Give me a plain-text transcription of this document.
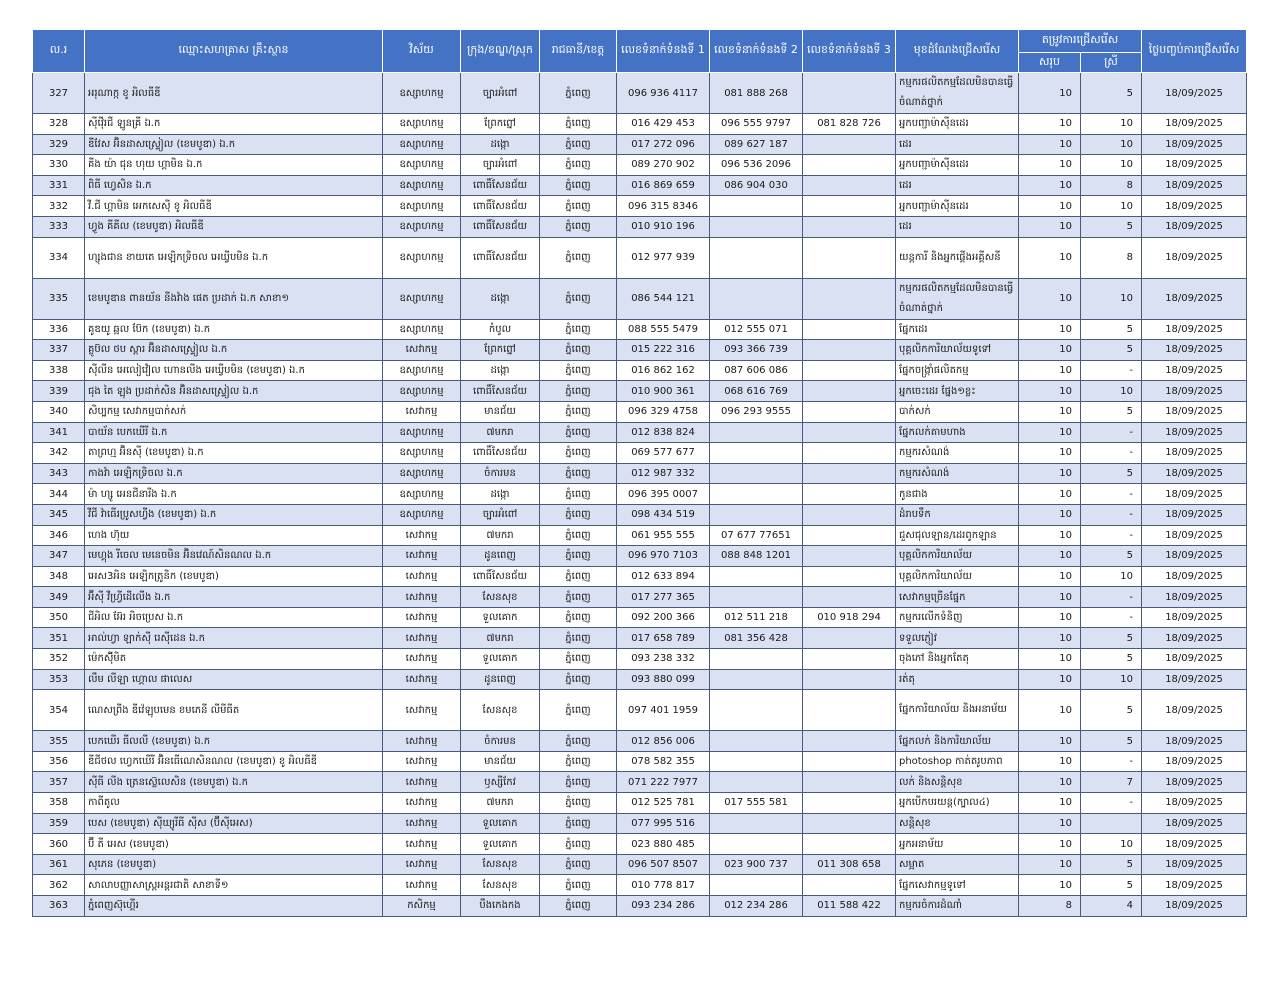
ល.រ	ឈ្មោះសហគ្រាស គ្រឹះស្ថាន	វិស័យ	ក្រុង/ខណ្ឌ/ស្រុក	រាជធានី/ខេត្ត	លេខទំនាក់ទំនងទី 1	លេខទំនាក់ទំនងទី 2	លេខទំនាក់ទំនងទី 3	មុខដំណែងជ្រើសរើស	តម្រូវការជ្រើសរើស		ថ្ងៃបញ្ចប់ការជ្រើសរើស
									សរុប	ស្រី	
327	អរុណាក្ក ខូ អិលធីឌី	ឧស្សាហកម្ម	ច្បារអំពៅ	ភ្នំពេញ	096 936 4117	081 888 268		កម្មករផលិតកម្មដែលមិនបានធ្វើចំណាត់ថ្នាក់	10	5	18/09/2025
328	ស៊ីវ៉ើរជី ឡូនគ្រី ឯ.ក	ឧស្សាហកម្ម	ព្រែកព្នៅ	ភ្នំពេញ	016 429 453	096 555 9797	081 828 726	អ្នកបញ្ជាម៉ាស៊ីនដេរ	10	10	18/09/2025
329	ឌីវែស អ៊ិនដាសស្ទ្រៀល (ខេមបូឌា) ឯ.ក	ឧស្សាហកម្ម	ដង្កោ	ភ្នំពេញ	017 272 096	089 627 187		ដេរ	10	10	18/09/2025
330	គីង យ៉ា ជុន ហុយ ហ្គាមិន ឯ.ក	ឧស្សាហកម្ម	ច្បារអំពៅ	ភ្នំពេញ	089 270 902	096 536 2096		អ្នកបញ្ជាម៉ាស៊ីនដេរ	10	10	18/09/2025
331	ពិធី ហ្វេសិន ឯ.ក	ឧស្សាហកម្ម	ពោធិ៍សែនជ័យ	ភ្នំពេញ	016 869 659	086 904 030		ដេរ	10	8	18/09/2025
332	វី.ជី ហ្គាមិន អេកសេស៊ី ខូ អិលធីឌី	ឧស្សាហកម្ម	ពោធិ៍សែនជ័យ	ភ្នំពេញ	096 315 8346			អ្នកបញ្ជាម៉ាស៊ីនដេរ	10	10	18/09/2025
333	ហ្វូង គីគីល (ខេមបូឌា) អិលធីឌី	ឧស្សាហកម្ម	ពោធិ៍សែនជ័យ	ភ្នំពេញ	010 910 196			ដេរ	10	5	18/09/2025
334	ហ្សុងជាន ខាយតេ អេឡិកទ្រិចល អេឃ្វីបមិន ឯ.ក	ឧស្សាហកម្ម	ពោធិ៍សែនជ័យ	ភ្នំពេញ	012 977 939			យន្តការី និងអ្នកផ្គើងអគ្គីសនី	10	8	18/09/2025
335	ខេមបូឌាន ពានយ័ន នីងវ៉ាង ផេត ប្រដាក់ ឯ.ក សាខា១	ឧស្សាហកម្ម	ដង្កោ	ភ្នំពេញ	086 544 121			កម្មករផលិតកម្មដែលមិនបានធ្វើចំណាត់ថ្នាក់	10	10	18/09/2025
336	គូឌយូ ឆ្អល ប៊ែក (ខេមបូឌា) ឯ.ក	ឧស្សាហកម្ម	កំបូល	ភ្នំពេញ	088 555 5479	012 555 071		ផ្នែកដេរ	10	5	18/09/2025
337	គ្លូប៊ល ថប ស្តារ អ៊ិនដាសស្ទ្រៀល ឯ.ក	សេវាកម្ម	ព្រែកព្នៅ	ភ្នំពេញ	015 222 316	093 366 739		បុគ្គលិកការិយាល័យទូទៅ	10	5	18/09/2025
338	ស៊ីលីន អេលៀវ៉ៀល ហោនលីង អេឃ្វីបមិន (ខេមបូឌា) ឯ.ក	ឧស្សាហកម្ម	ដង្កោ	ភ្នំពេញ	016 862 162	087 606 086		ផ្នែកចង្ក្រាំផលិតកម្ម	10	-	18/09/2025
339	ជុង តៃ ឡុង ប្រដាក់សិន អ៊ិនដាសស្ទ្រៀល ឯ.ក	ឧស្សាហកម្ម	ពោធិ៍សែនជ័យ	ភ្នំពេញ	010 900 361	068 616 769		អ្នកចេះដេរ ផ្នែង១ខ្លះ	10	10	18/09/2025
340	សិប្បកម្ម សេវាកម្មបាក់សក់	សេវាកម្ម	មានជ័យ	ភ្នំពេញ	096 329 4758	096 293 9555		បាក់សក់	10	5	18/09/2025
341	បាយ័ន បេកឃើរី ឯ.ក	ឧស្សាហកម្ម	៧មករា	ភ្នំពេញ	012 838 824			ផ្នែកលក់តាមហាង	10	-	18/09/2025
342	តាព្រហ្ម អ៊ិនស៊ី (ខេមបូឌា) ឯ.ក	ឧស្សាហកម្ម	ពោធិ៍សែនជ័យ	ភ្នំពេញ	069 577 677			កម្មករសំណង់	10	-	18/09/2025
343	កាងវ៉ា អេឡិកទ្រិចល ឯ.ក	ឧស្សាហកម្ម	ចំការមន	ភ្នំពេញ	012 987 332			កម្មករសំណង់	10	5	18/09/2025
344	ម៉ា ហ្សូ អេនជីនារីង ឯ.ក	ឧស្សាហកម្ម	ដង្កោ	ភ្នំពេញ	096 395 0007			កូនជាង	10	-	18/09/2025
345	វីជី វ៉ាធើរប្រូសហ្វីង (ខេមបូឌា) ឯ.ក	ឧស្សាហកម្ម	ច្បារអំពៅ	ភ្នំពេញ	098 434 519			ដំរាបទឹក	10	-	18/09/2025
346	ហេង ហ៊ុយ	សេវាកម្ម	៧មករា	ភ្នំពេញ	061 955 555	07 677 77651		ជួសជុលឡាន/ដេរពូកឡាន	10	-	18/09/2025
347	មេហ្គុង រីចេល មេនេចមិន អ៊ិនវេណ៍សិនណល ឯ.ក	សេវាកម្ម	ដូនពេញ	ភ្នំពេញ	096 970 7103	088 848 1201		បុគ្គលិកការិយាល័យ	10	5	18/09/2025
348	អេស3អិន អេឡិកត្រូនិក (ខេមបូឌា)	សេវាកម្ម	ពោធិ៍សែនជ័យ	ភ្នំពេញ	012 633 894			បុគ្គលិកការិយាល័យ	10	10	18/09/2025
349	អ៊ីស៊ី វីហ្វ្រីដើលើង ឯ.ក	សេវាកម្ម	សែនសុខ	ភ្នំពេញ	017 277 365			សេវាកម្មច្រើនផ្នែក	10	-	18/09/2025
350	ជីអិល អ៊ែរ អិចប្រេស ឯ.ក	សេវាកម្ម	ទួលគោក	ភ្នំពេញ	092 200 366	012 511 218	010 918 294	កម្មករលើកទំនិញ	10	-	18/09/2025
351	អាល់ហ្វា ឡាក់ស៊ី រេស៊ីដេន ឯ.ក	សេវាកម្ម	៧មករា	ភ្នំពេញ	017 658 789	081 356 428		ទទួលភ្ញៀវ	10	5	18/09/2025
352	ម៉េកស៊ុីមិត	សេវាកម្ម	ទួលគោក	ភ្នំពេញ	093 238 332			ចុងភៅ និងអ្នកតែតុ	10	5	18/09/2025
353	លឹម លីឡា ហ្គោល ផាលេស	សេវាកម្ម	ដូនពេញ	ភ្នំពេញ	093 880 099			រត់តុ	10	10	18/09/2025
354	ណេសព្រីង ឌីវ៉េឡុបមេន ខមភេនី លីមីធីត	សេវាកម្ម	សែនសុខ	ភ្នំពេញ	097 401 1959			ផ្នែកការិយាល័យ និងអនាម័យ	10	5	18/09/2025
355	បេកឃើរ ធីលលី (ខេមបូឌា) ឯ.ក	សេវាកម្ម	ចំការមន	ភ្នំពេញ	012 856 006			ផ្នែកលក់ និងការិយាល័យ	10	5	18/09/2025
356	ឌីជីថល ហ្វេកឃើរី អ៊ិនធើណេសិនណល (ខេមបូឌា) ខូ អិលធីឌី	សេវាកម្ម	មានជ័យ	ភ្នំពេញ	078 582 355			photoshop កាត់តរូបភាព	10	-	18/09/2025
357	ស៊ីធី លីង ត្រេនស៊្លេលេសិន (ខេមបូឌា) ឯ.ក	សេវាកម្ម	ឫស្សីកែវ	ភ្នំពេញ	071 222 7977			លក់ និងសន្តិសុខ	10	7	18/09/2025
358	កាពីតូល	សេវាកម្ម	៧មករា	ភ្នំពេញ	012 525 781	017 555 581		អ្នកបើកបរយន្ត(ក្បាល៤)	10	-	18/09/2025
359	បេស (ខេមបូឌា) ស៊ីឃ្យូរីធី ស៊ីស (ប៊ីស៊ីអេស)	សេវាកម្ម	ទួលគោក	ភ្នំពេញ	077 995 516			សន្តិសុខ	10		18/09/2025
360	ប៊ី តី អេស (ខេមបូឌា)	សេវាកម្ម	ទួលគោក	ភ្នំពេញ	023 880 485			អ្នកអនាម័យ	10	10	18/09/2025
361	សុភេន (ខេមបូឌា)	សេវាកម្ម	សែនសុខ	ភ្នំពេញ	096 507 8507	023 900 737	011 308 658	សម្អាត	10	5	18/09/2025
362	សាលាបញ្ញាសាស្ត្រអន្តរជាតិ សាខាទី១	សេវាកម្ម	សែនសុខ	ភ្នំពេញ	010 778 817			ផ្នែកសេវាកម្មទូទៅ	10	5	18/09/2025
363	ភ្នំពេញស៊ុហ្គើរ	កសិកម្ម	បឹងកេងកង	ភ្នំពេញ	093 234 286	012 234 286	011 588 422	កម្មករចំការដំណាំ	8	4	18/09/2025
